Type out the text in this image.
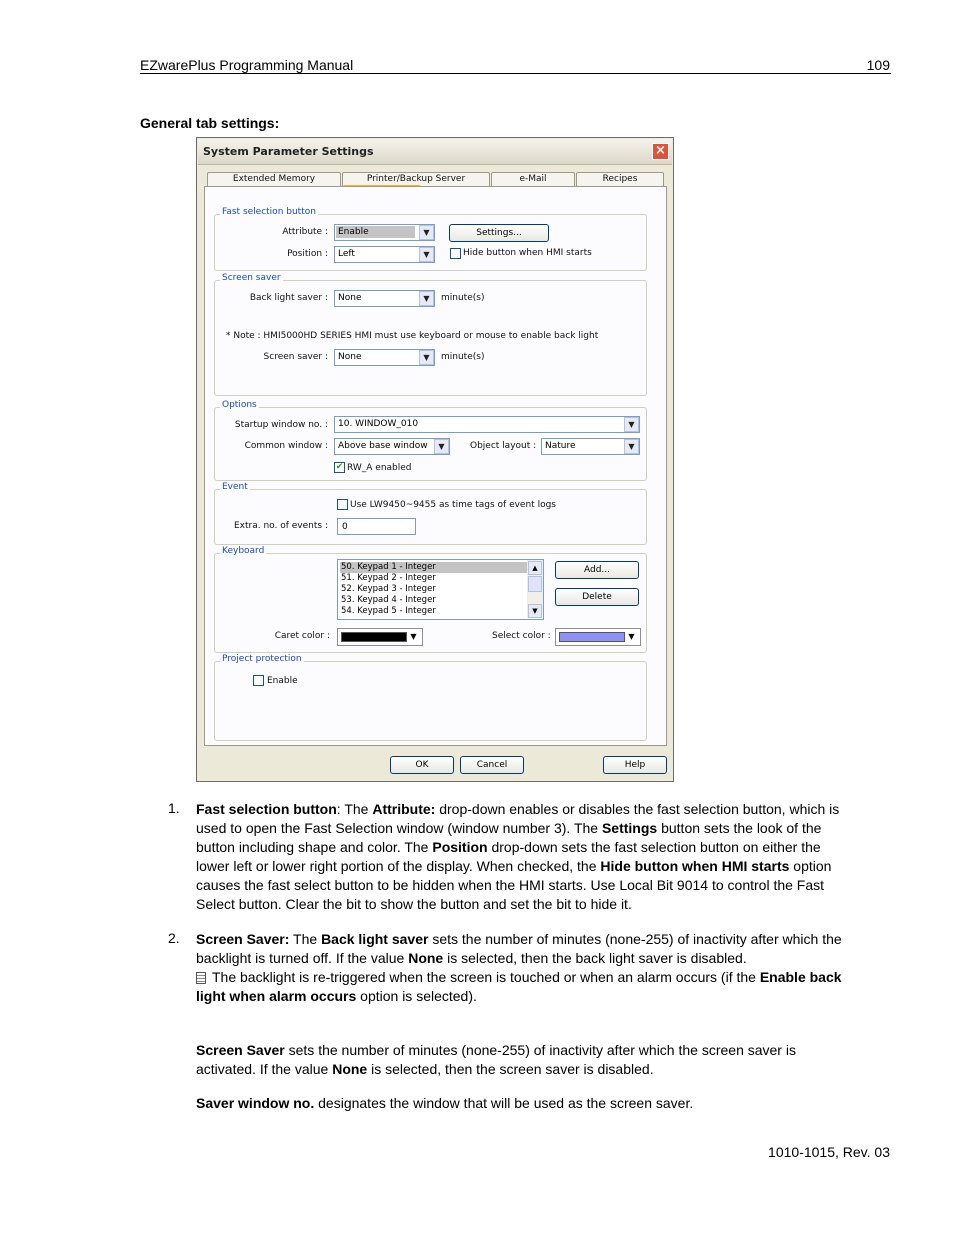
EZwarePlus Programming Manual	109
General tab settings:
System Parameter Settings	×
Extended Memory	Printer/Backup Server	e-Mail	Recipes
Fast selection button
Attribute : Enable	▼	Settings...
Position : Left	▼	Hide button when HMI starts
Screen saver
Back light saver : None	▼	minute(s)
* Note : HMI5000HD SERIES HMI must use keyboard or mouse to enable back light
Screen saver : None	▼	minute(s)
Options
Startup window no. : 10. WINDOW_010	▼
Common window : Above base window	▼	Object layout : Nature	▼
✔ RW_A enabled
Event
Use LW9450~9455 as time tags of event logs
Extra. no. of events :	0
Keyboard
50. Keypad 1 - Integer
51. Keypad 2 - Integer
52. Keypad 3 - Integer
53. Keypad 4 - Integer
54. Keypad 5 - Integer
▲
▼
Add...
Delete
Caret color :	▼	Select color :	▼
Project protection
Enable
OK	Cancel	Help
1. Fast selection button: The Attribute: drop-down enables or disables the fast selection button, which is used to open the Fast Selection window (window number 3). The Settings button sets the look of the button including shape and color. The Position drop-down sets the fast selection button on either the lower left or lower right portion of the display. When checked, the Hide button when HMI starts option causes the fast select button to be hidden when the HMI starts. Use Local Bit 9014 to control the Fast Select button. Clear the bit to show the button and set the bit to hide it.
2. Screen Saver: The Back light saver sets the number of minutes (none-255) of inactivity after which the backlight is turned off. If the value None is selected, then the back light saver is disabled.
The backlight is re-triggered when the screen is touched or when an alarm occurs (if the Enable back light when alarm occurs option is selected).
Screen Saver sets the number of minutes (none-255) of inactivity after which the screen saver is activated. If the value None is selected, then the screen saver is disabled.
Saver window no. designates the window that will be used as the screen saver.
1010-1015, Rev. 03
